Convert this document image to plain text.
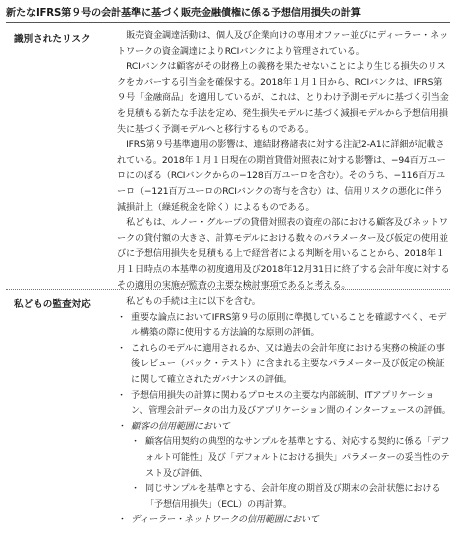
新たなIFRS第９号の会計基準に基づく販売金融債権に係る予想信用損失の計算
識別されたリスク	販売資金調達活動は、個人及び企業向けの専用オファー並びにディーラー・ネットワークの資金調達によりRCIバンクにより管理されている。

RCIバンクは顧客がその財務上の義務を果たせないことにより生じる損失のリスクをカバーする引当金を確保する。2018年１月１日から、RCIバンクは、IFRS第９号「金融商品」を適用しているが、これは、とりわけ予測モデルに基づく引当金を見積もる新たな手法を定め、発生損失モデルに基づく減損モデルから予想信用損失に基づく予測モデルへと移行するものである。

IFRS第９号基準適用の影響は、連結財務諸表に対する注記2-A1に詳細が記載されている。2018年１月１日現在の期首貸借対照表に対する影響は、−94百万ユーロにのぼる（RCIバンクからの−128百万ユーロを含む）。そのうち、−116百万ユーロ（−121百万ユーロのRCIバンクの寄与を含む）は、信用リスクの悪化に伴う減損計上（繰延税金を除く）によるものである。

私どもは、ルノー・グループの貸借対照表の資産の部における顧客及びネットワークの貸付額の大きさ、計算モデルにおける数々のパラメーター及び仮定の使用並びに予想信用損失を見積もる上で経営者による判断を用いることから、2018年１月１日時点の本基準の初度適用及び2018年12月31日に終了する会計年度に対するその適用の実施が監査の主要な検討事項であると考える。

私どもの監査対応	私どもの手続は主に以下を含む。

・ 重要な論点においてIFRS第９号の原則に準拠していることを確認すべく、モデル構築の際に使用する方法論的な原則の評価。
・ これらのモデルに適用されるか、又は過去の会計年度における実務の検証の事後レビュー（バック・テスト）に含まれる主要なパラメーター及び仮定の検証に関して確立されたガバナンスの評価。
・ 予想信用損失の計算に関わるプロセスの主要な内部統制、ITアプリケーション、管理会計データの出力及びアプリケーション間のインターフェースの評価。
・ 顧客の信用範囲において
・ 顧客信用契約の典型的なサンプルを基準とする、対応する契約に係る「デフォルト可能性」及び「デフォルトにおける損失」パラメーターの妥当性のテスト及び評価、
・ 同じサンプルを基準とする、会計年度の期首及び期末の会計状態における「予想信用損失」（ECL）の再計算。
・ ディーラー・ネットワークの信用範囲において
